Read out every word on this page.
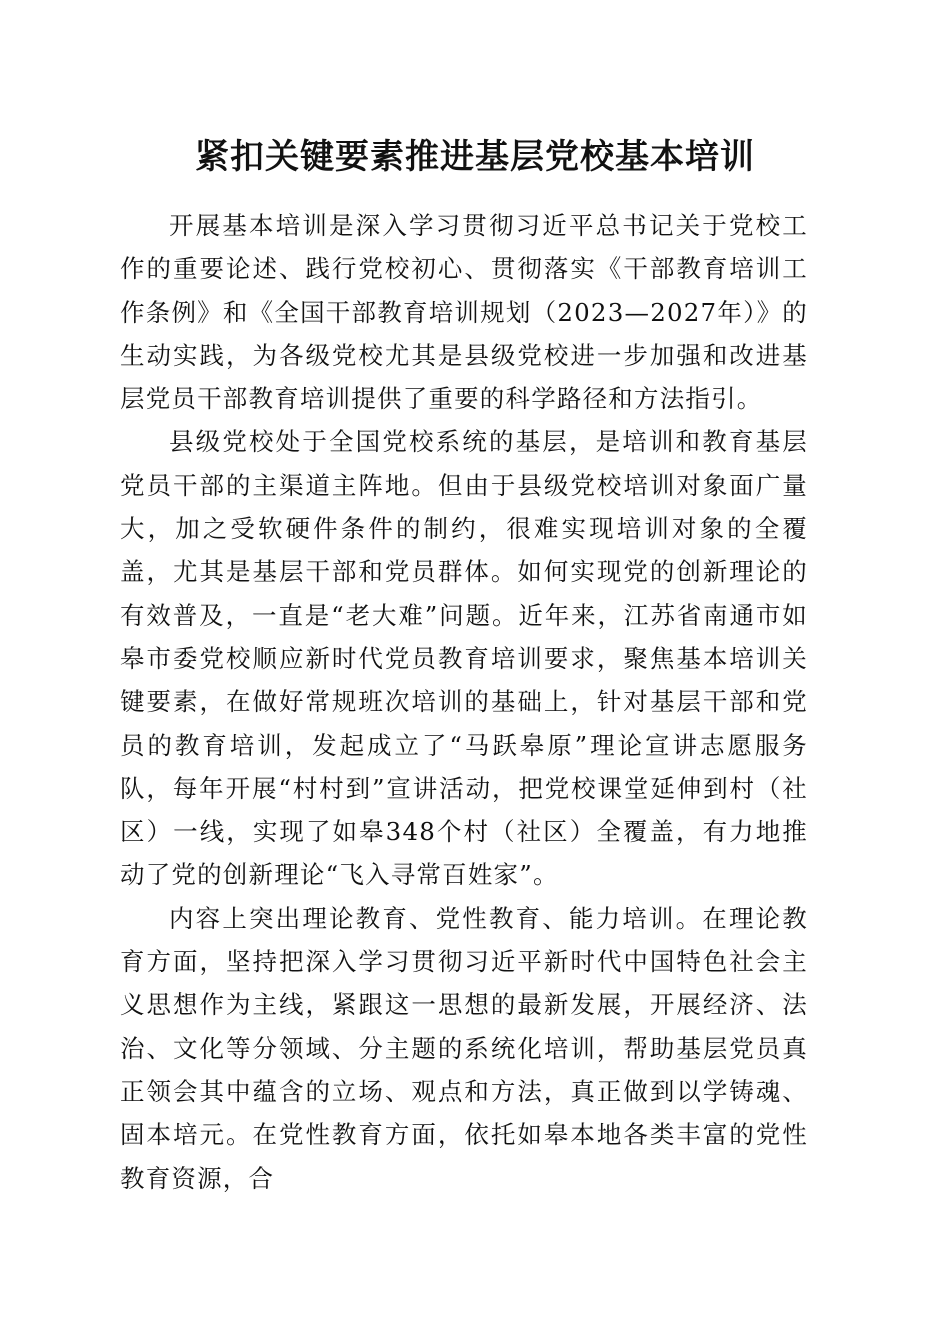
紧扣关键要素推进基层党校基本培训

开展基本培训是深入学习贯彻习近平总书记关于党校工作的重要论述、践行党校初心、贯彻落实《干部教育培训工作条例》和《全国干部教育培训规划（2023—2027年）》的生动实践，为各级党校尤其是县级党校进一步加强和改进基层党员干部教育培训提供了重要的科学路径和方法指引。

县级党校处于全国党校系统的基层，是培训和教育基层党员干部的主渠道主阵地。但由于县级党校培训对象面广量大，加之受软硬件条件的制约，很难实现培训对象的全覆盖，尤其是基层干部和党员群体。如何实现党的创新理论的有效普及，一直是“老大难”问题。近年来，江苏省南通市如皋市委党校顺应新时代党员教育培训要求，聚焦基本培训关键要素，在做好常规班次培训的基础上，针对基层干部和党员的教育培训，发起成立了“马跃皋原”理论宣讲志愿服务队，每年开展“村村到”宣讲活动，把党校课堂延伸到村（社区）一线，实现了如皋348个村（社区）全覆盖，有力地推动了党的创新理论“飞入寻常百姓家”。

内容上突出理论教育、党性教育、能力培训。在理论教育方面，坚持把深入学习贯彻习近平新时代中国特色社会主义思想作为主线，紧跟这一思想的最新发展，开展经济、法治、文化等分领域、分主题的系统化培训，帮助基层党员真正领会其中蕴含的立场、观点和方法，真正做到以学铸魂、固本培元。在党性教育方面，依托如皋本地各类丰富的党性教育资源，合
